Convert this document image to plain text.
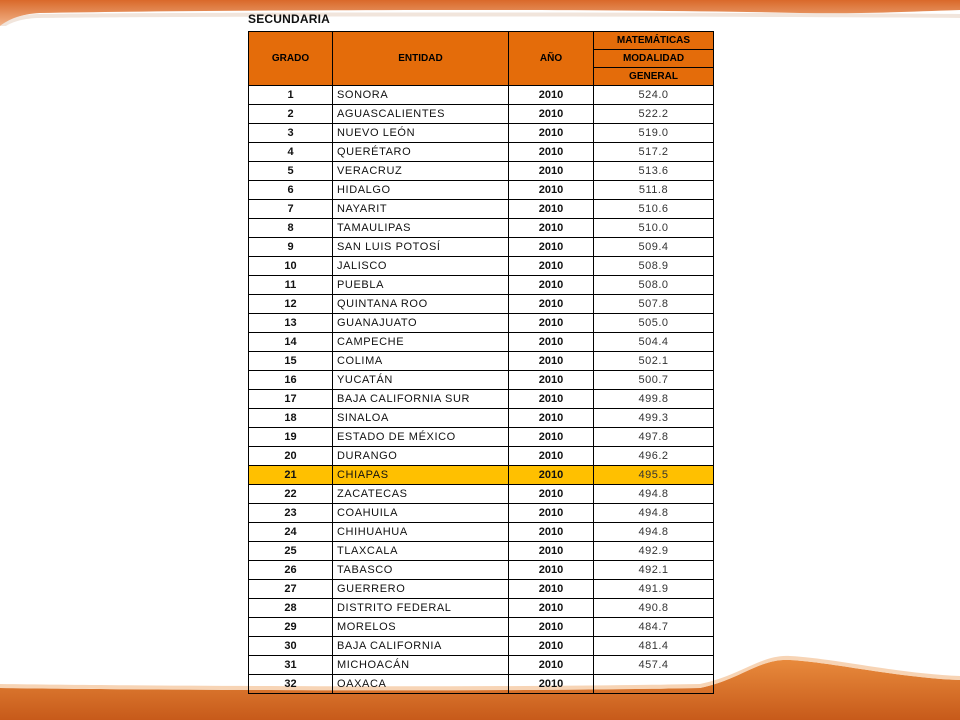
SECUNDARIA
GRADO	ENTIDAD	AÑO	MATEMÁTICAS
			MODALIDAD
			GENERAL
1	SONORA	2010	524.0
2	AGUASCALIENTES	2010	522.2
3	NUEVO LEÓN	2010	519.0
4	QUERÉTARO	2010	517.2
5	VERACRUZ	2010	513.6
6	HIDALGO	2010	511.8
7	NAYARIT	2010	510.6
8	TAMAULIPAS	2010	510.0
9	SAN LUIS POTOSÍ	2010	509.4
10	JALISCO	2010	508.9
11	PUEBLA	2010	508.0
12	QUINTANA ROO	2010	507.8
13	GUANAJUATO	2010	505.0
14	CAMPECHE	2010	504.4
15	COLIMA	2010	502.1
16	YUCATÁN	2010	500.7
17	BAJA CALIFORNIA SUR	2010	499.8
18	SINALOA	2010	499.3
19	ESTADO DE MÉXICO	2010	497.8
20	DURANGO	2010	496.2
21	CHIAPAS	2010	495.5
22	ZACATECAS	2010	494.8
23	COAHUILA	2010	494.8
24	CHIHUAHUA	2010	494.8
25	TLAXCALA	2010	492.9
26	TABASCO	2010	492.1
27	GUERRERO	2010	491.9
28	DISTRITO FEDERAL	2010	490.8
29	MORELOS	2010	484.7
30	BAJA CALIFORNIA	2010	481.4
31	MICHOACÁN	2010	457.4
32	OAXACA	2010	
